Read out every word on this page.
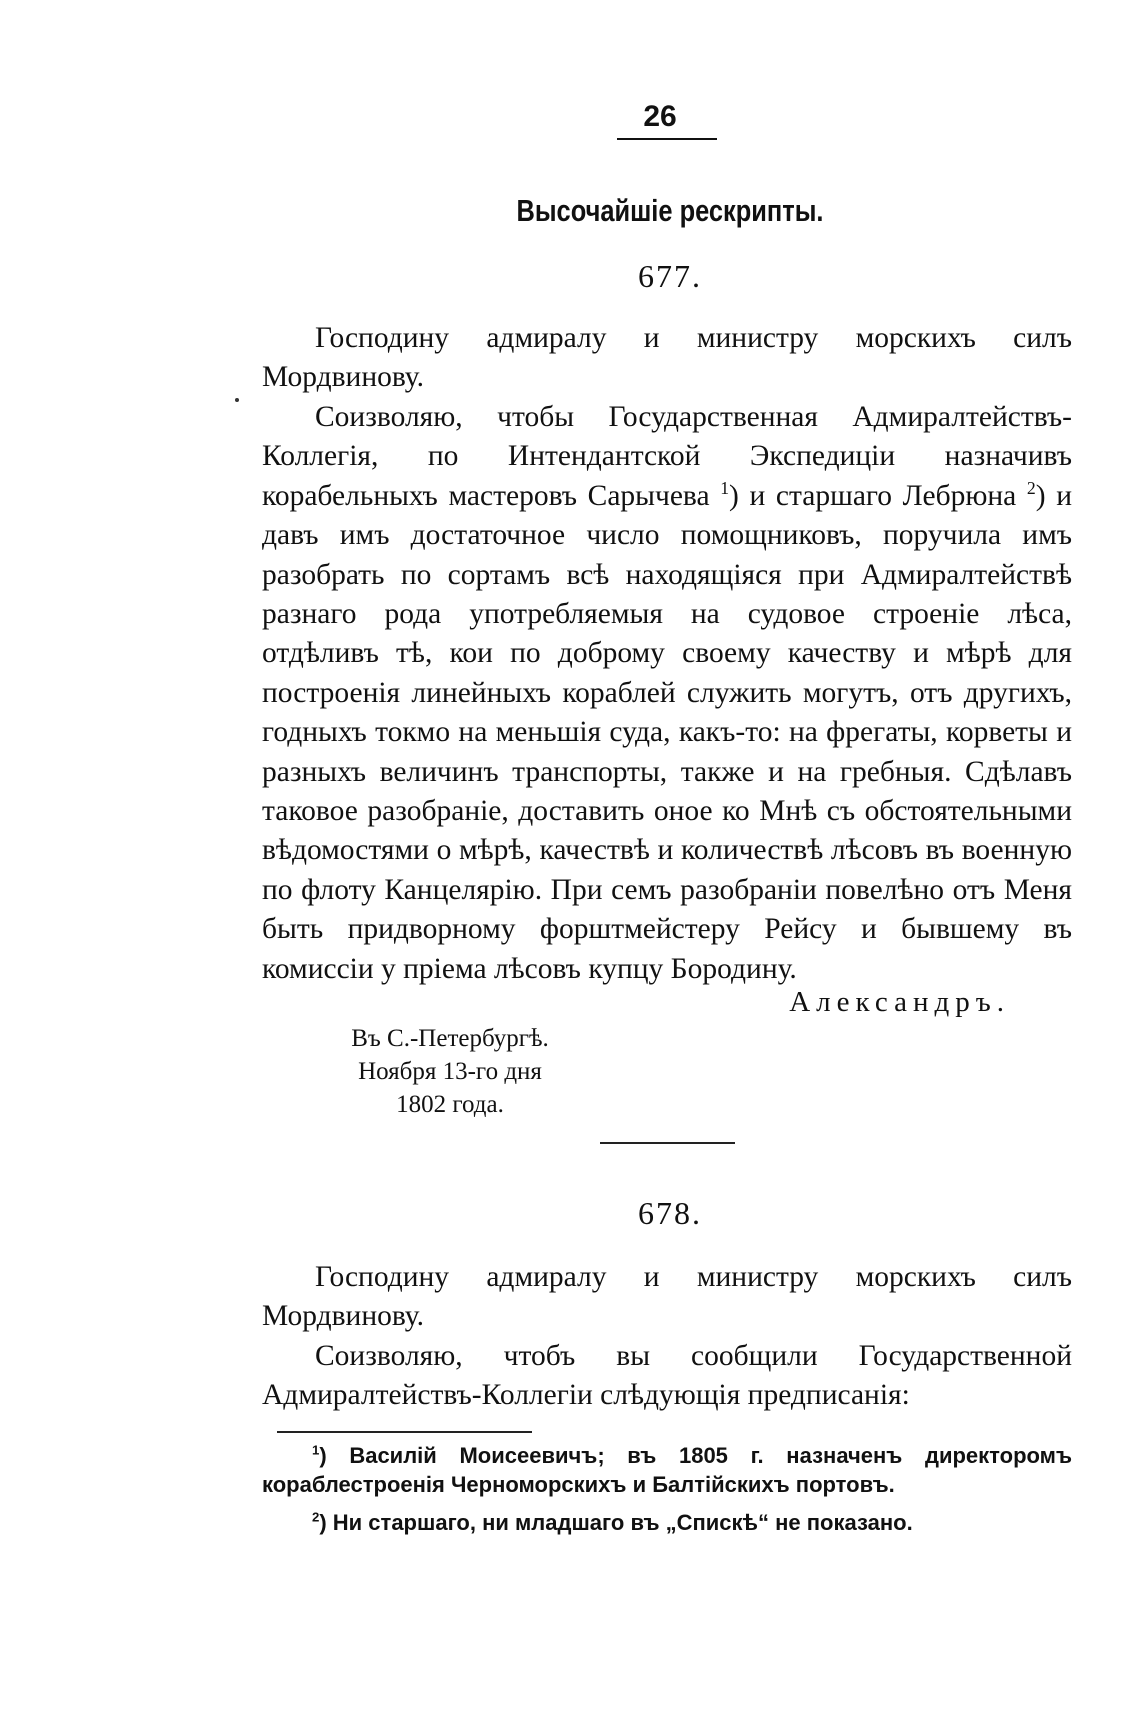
26
Высочайшіе рескрипты.
677.

Господину адмиралу и министру морскихъ силъ Мордвинову.

Соизволяю, чтобы Государственная Адмиралтействъ-Коллегія, по Интендантской Экспедиціи назначивъ корабельныхъ мастеровъ Сарычева $^1$) и старшаго Лебрюна $^2$) и давъ имъ достаточное число помощниковъ, поручила имъ разобрать по сортамъ всѣ находящіяся при Адмиралтействѣ разнаго рода употребляемыя на судовое строеніе лѣса, отдѣливъ тѣ, кои по доброму своему качеству и мѣрѣ для построенія линейныхъ кораблей служить могутъ, отъ другихъ, годныхъ токмо на меньшія суда, какъ-то: на фрегаты, корветы и разныхъ величинъ транспорты, также и на гребныя. Сдѣлавъ таковое разобраніе, доставить оное ко Мнѣ съ обстоятельными вѣдомостями о мѣрѣ, качествѣ и количествѣ лѣсовъ въ военную по флоту Канцелярію. При семъ разобраніи повелѣно отъ Меня быть придворному форштмейстеру Рейсу и бывшему въ комиссіи у пріема лѣсовъ купцу Бородину.

Александръ.
Въ С.-Петербургѣ.
Ноября 13-го дня
1802 года.
678.

Господину адмиралу и министру морскихъ силъ Мордвинову.

Соизволяю, чтобъ вы сообщили Государственной Адмиралтействъ-Коллегіи слѣдующія предписанія:

$^1$) Василій Моисеевичъ; въ 1805 г. назначенъ директоромъ кораблестроенія Черноморскихъ и Балтійскихъ портовъ.

$^2$) Ни старшаго, ни младшаго въ „Спискѣ“ не показано.
